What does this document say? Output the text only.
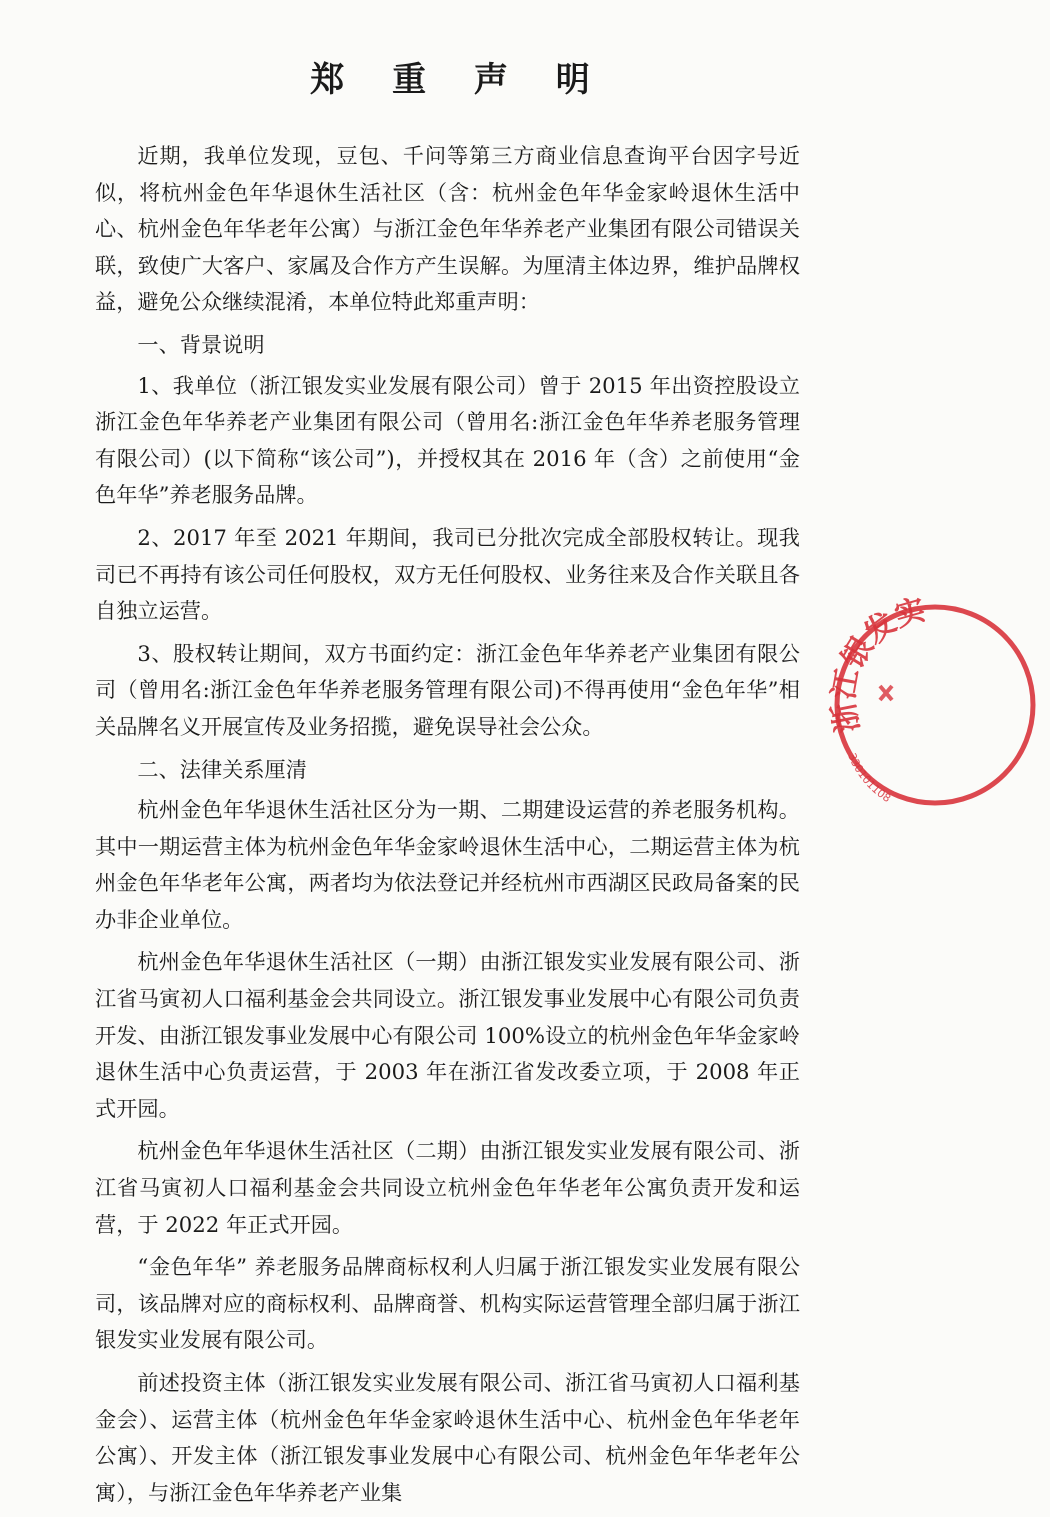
郑 重 声 明

近期，我单位发现，豆包、千问等第三方商业信息查询平台因字号近似，将杭州金色年华退休生活社区（含：杭州金色年华金家岭退休生活中心、杭州金色年华老年公寓）与浙江金色年华养老产业集团有限公司错误关联，致使广大客户、家属及合作方产生误解。为厘清主体边界，维护品牌权益，避免公众继续混淆，本单位特此郑重声明：

一、背景说明

1、我单位（浙江银发实业发展有限公司）曾于 2015 年出资控股设立浙江金色年华养老产业集团有限公司（曾用名:浙江金色年华养老服务管理有限公司）(以下简称“该公司”)，并授权其在 2016 年（含）之前使用“金色年华”养老服务品牌。

2、2017 年至 2021 年期间，我司已分批次完成全部股权转让。现我司已不再持有该公司任何股权，双方无任何股权、业务往来及合作关联且各自独立运营。

3、股权转让期间，双方书面约定：浙江金色年华养老产业集团有限公司（曾用名:浙江金色年华养老服务管理有限公司)不得再使用“金色年华”相关品牌名义开展宣传及业务招揽，避免误导社会公众。

二、法律关系厘清

杭州金色年华退休生活社区分为一期、二期建设运营的养老服务机构。其中一期运营主体为杭州金色年华金家岭退休生活中心，二期运营主体为杭州金色年华老年公寓，两者均为依法登记并经杭州市西湖区民政局备案的民办非企业单位。

杭州金色年华退休生活社区（一期）由浙江银发实业发展有限公司、浙江省马寅初人口福利基金会共同设立。浙江银发事业发展中心有限公司负责开发、由浙江银发事业发展中心有限公司 100%设立的杭州金色年华金家岭退休生活中心负责运营，于 2003 年在浙江省发改委立项，于 2008 年正式开园。

杭州金色年华退休生活社区（二期）由浙江银发实业发展有限公司、浙江省马寅初人口福利基金会共同设立杭州金色年华老年公寓负责开发和运营，于 2022 年正式开园。

“金色年华” 养老服务品牌商标权利人归属于浙江银发实业发展有限公司，该品牌对应的商标权利、品牌商誉、机构实际运营管理全部归属于浙江银发实业发展有限公司。

前述投资主体（浙江银发实业发展有限公司、浙江省马寅初人口福利基金会）、运营主体（杭州金色年华金家岭退休生活中心、杭州金色年华老年公寓）、开发主体（浙江银发事业发展中心有限公司、杭州金色年华老年公寓），与浙江金色年华养老产业集

浙江银发实
330101108
